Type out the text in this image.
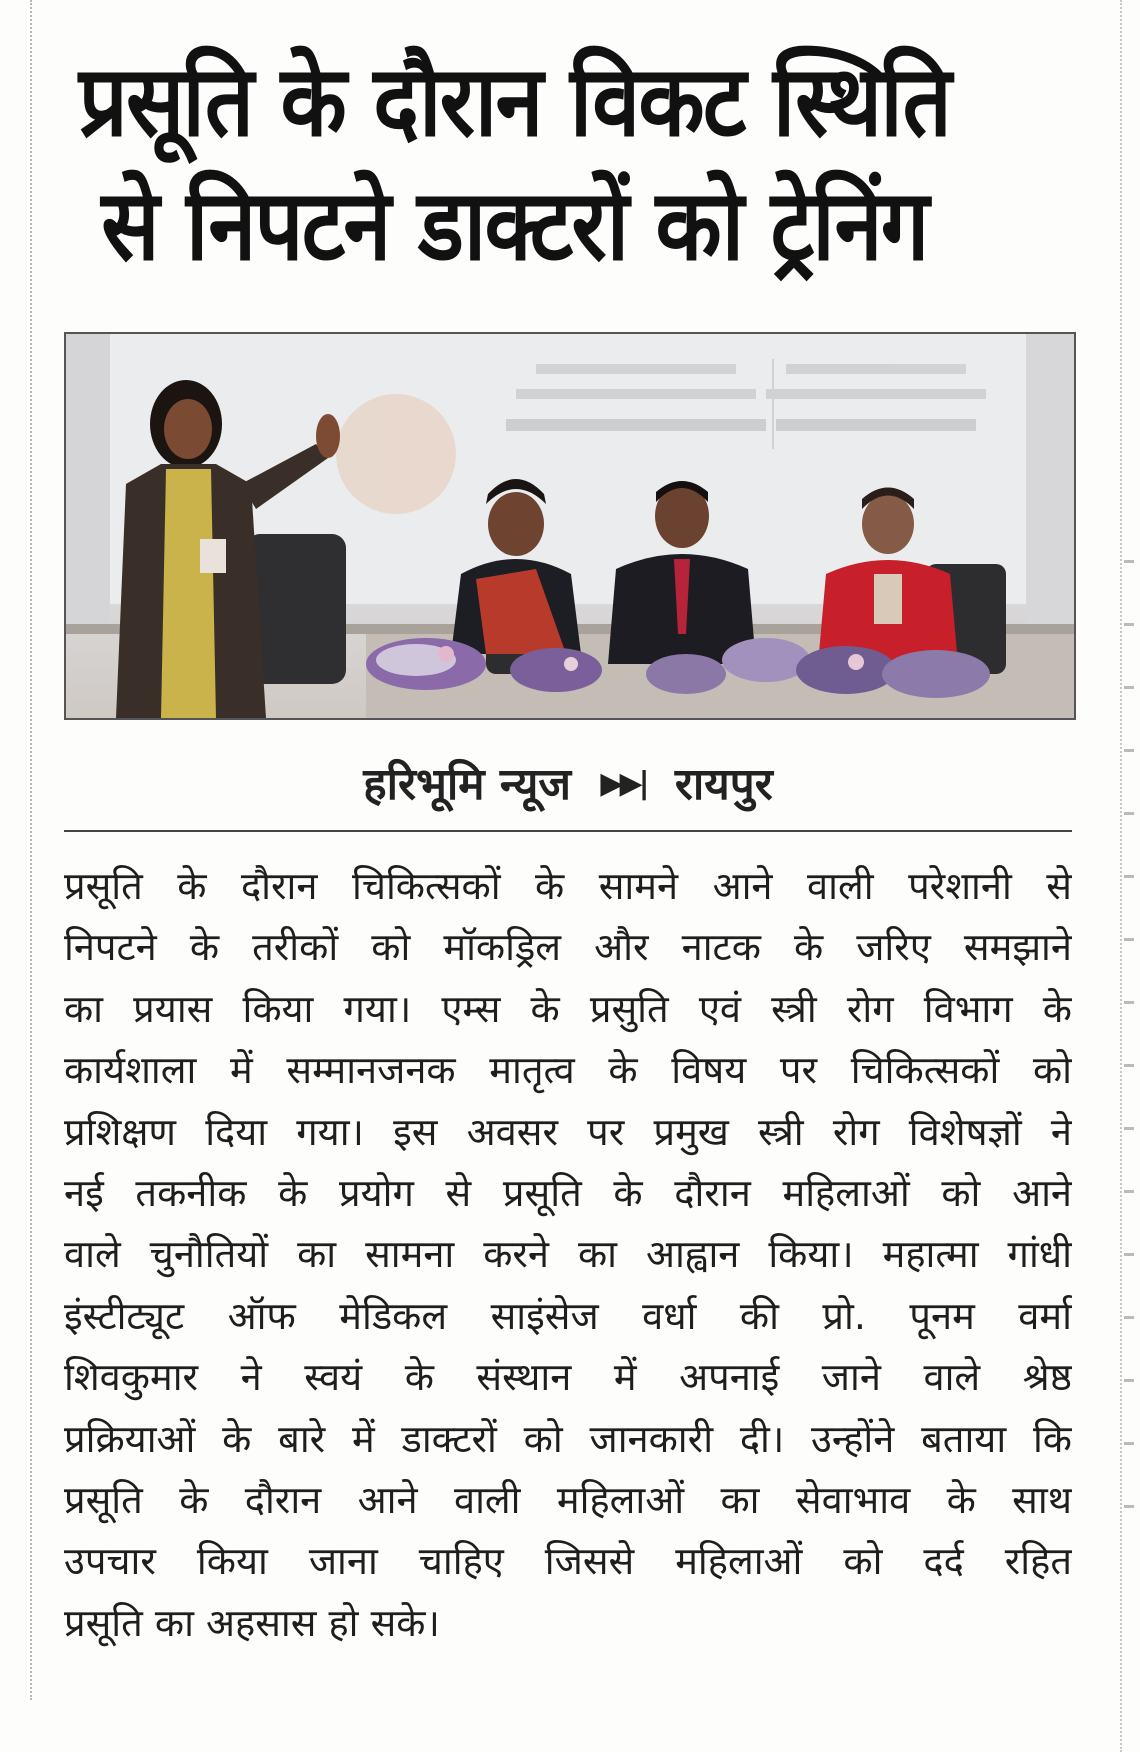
प्रसूति के दौरान विकट स्थिति
से निपटने डाक्टरों को ट्रेनिंग
हरिभूमि न्यूज ▶▶| रायपुर
प्रसूति के दौरान चिकित्सकों के सामने आने वाली परेशानी से
निपटने के तरीकों को मॉकड्रिल और नाटक के जरिए समझाने
का प्रयास किया गया। एम्स के प्रसुति एवं स्त्री रोग विभाग के
कार्यशाला में सम्मानजनक मातृत्व के विषय पर चिकित्सकों को
प्रशिक्षण दिया गया। इस अवसर पर प्रमुख स्त्री रोग विशेषज्ञों ने
नई तकनीक के प्रयोग से प्रसूति के दौरान महिलाओं को आने
वाले चुनौतियों का सामना करने का आह्वान किया। महात्मा गांधी
इंस्टीट्यूट ऑफ मेडिकल साइंसेज वर्धा की प्रो. पूनम वर्मा
शिवकुमार ने स्वयं के संस्थान में अपनाई जाने वाले श्रेष्ठ
प्रक्रियाओं के बारे में डाक्टरों को जानकारी दी। उन्होंने बताया कि
प्रसूति के दौरान आने वाली महिलाओं का सेवाभाव के साथ
उपचार किया जाना चाहिए जिससे महिलाओं को दर्द रहित
प्रसूति का अहसास हो सके।
